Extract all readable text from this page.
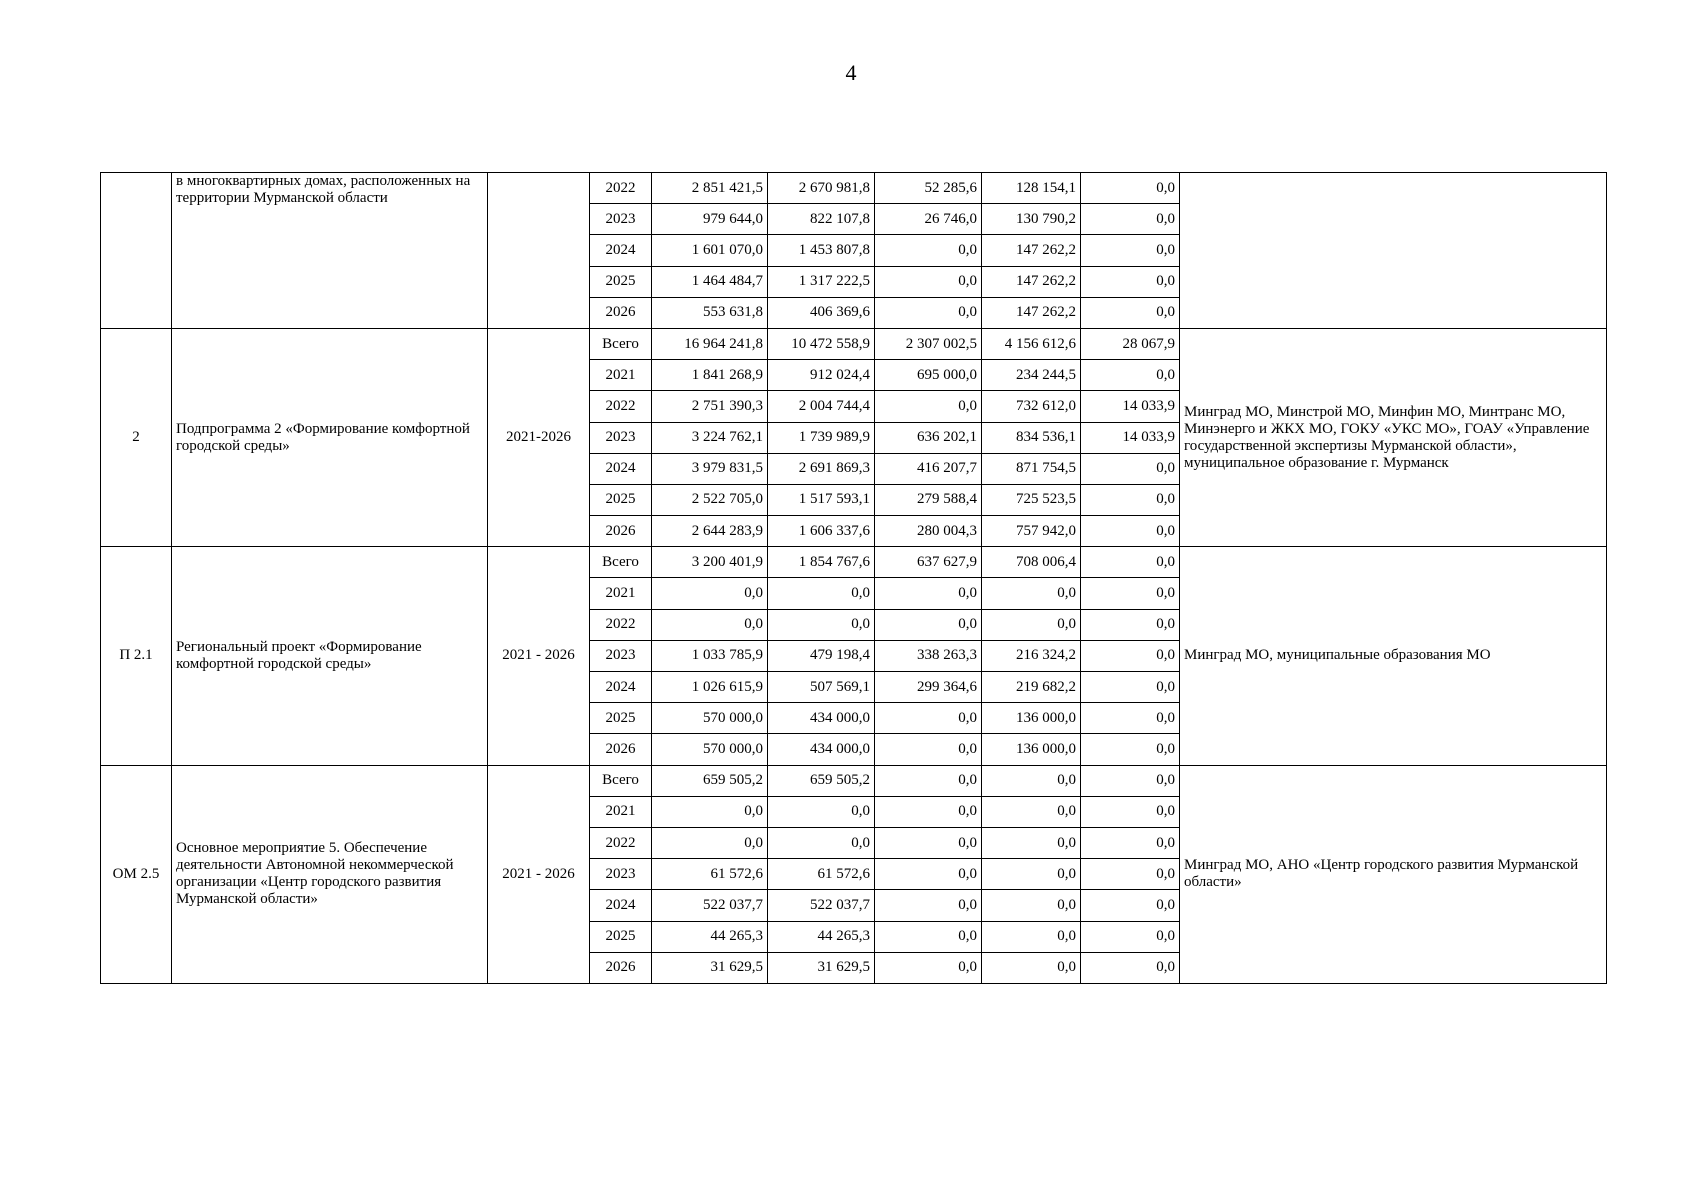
4
	в многоквартирных домах, расположенных на территории Мурманской области		2022	2 851 421,5	2 670 981,8	52 285,6	128 154,1	0,0	
			2023	979 644,0	822 107,8	26 746,0	130 790,2	0,0	
			2024	1 601 070,0	1 453 807,8	0,0	147 262,2	0,0	
			2025	1 464 484,7	1 317 222,5	0,0	147 262,2	0,0	
			2026	553 631,8	406 369,6	0,0	147 262,2	0,0	
2	Подпрограмма 2 «Формирование комфортной городской среды»	2021-2026	Всего	16 964 241,8	10 472 558,9	2 307 002,5	4 156 612,6	28 067,9	Минград МО, Минстрой МО, Минфин МО, Минтранс МО, Минэнерго и ЖКХ МО, ГОКУ «УКС МО», ГОАУ «Управление государственной экспертизы Мурманской области», муниципальное образование г. Мурманск
			2021	1 841 268,9	912 024,4	695 000,0	234 244,5	0,0	
			2022	2 751 390,3	2 004 744,4	0,0	732 612,0	14 033,9	
			2023	3 224 762,1	1 739 989,9	636 202,1	834 536,1	14 033,9	
			2024	3 979 831,5	2 691 869,3	416 207,7	871 754,5	0,0	
			2025	2 522 705,0	1 517 593,1	279 588,4	725 523,5	0,0	
			2026	2 644 283,9	1 606 337,6	280 004,3	757 942,0	0,0	
П 2.1	Региональный проект «Формирование комфортной городской среды»	2021 - 2026	Всего	3 200 401,9	1 854 767,6	637 627,9	708 006,4	0,0	Минград МО, муниципальные образования МО
			2021	0,0	0,0	0,0	0,0	0,0	
			2022	0,0	0,0	0,0	0,0	0,0	
			2023	1 033 785,9	479 198,4	338 263,3	216 324,2	0,0	
			2024	1 026 615,9	507 569,1	299 364,6	219 682,2	0,0	
			2025	570 000,0	434 000,0	0,0	136 000,0	0,0	
			2026	570 000,0	434 000,0	0,0	136 000,0	0,0	
ОМ 2.5	Основное мероприятие 5. Обеспечение деятельности Автономной некоммерческой организации «Центр городского развития Мурманской области»	2021 - 2026	Всего	659 505,2	659 505,2	0,0	0,0	0,0	Минград МО, АНО «Центр городского развития Мурманской области»
			2021	0,0	0,0	0,0	0,0	0,0	
			2022	0,0	0,0	0,0	0,0	0,0	
			2023	61 572,6	61 572,6	0,0	0,0	0,0	
			2024	522 037,7	522 037,7	0,0	0,0	0,0	
			2025	44 265,3	44 265,3	0,0	0,0	0,0	
			2026	31 629,5	31 629,5	0,0	0,0	0,0	
